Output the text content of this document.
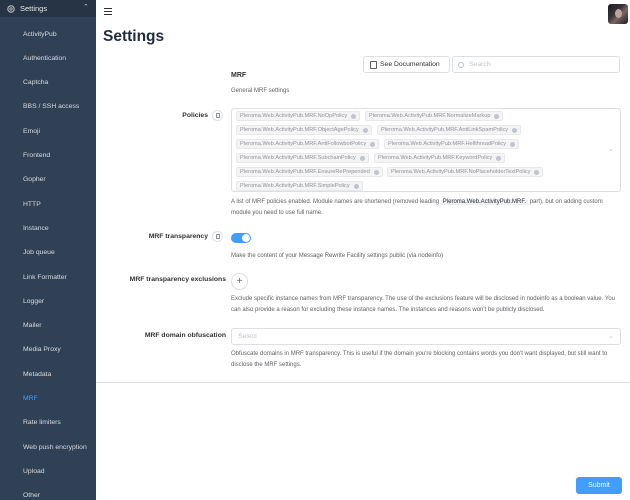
Settings	⌃
ActivityPub
Authentication
Captcha
BBS / SSH access
Emoji
Frontend
Gopher
HTTP
Instance
Job queue
Link Formatter
Logger
Mailer
Media Proxy
Metadata
MRF
Rate limiters
Web push encryption
Upload
Other
Settings
See Documentation	Search
MRF
General MRF settings
Policies	Pleroma.Web.ActivityPub.MRF.NoOpPolicy	Pleroma.Web.ActivityPub.MRF.NormalizeMarkup
Pleroma.Web.ActivityPub.MRF.ObjectAgePolicy	Pleroma.Web.ActivityPub.MRF.AntiLinkSpamPolicy
Pleroma.Web.ActivityPub.MRF.AntiFollowbotPolicy	Pleroma.Web.ActivityPub.MRF.HellthreadPolicy
Pleroma.Web.ActivityPub.MRF.SubchainPolicy	Pleroma.Web.ActivityPub.MRF.KeywordPolicy
Pleroma.Web.ActivityPub.MRF.EnsureRePrepended	Pleroma.Web.ActivityPub.MRF.NoPlaceholderTextPolicy
Pleroma.Web.ActivityPub.MRF.SimplePolicy
⌄
A list of MRF policies enabled. Module names are shortened (removed leading Pleroma.Web.ActivityPub.MRF. part), but on adding custom module you need to use full name.
MRF transparency
Make the content of your Message Rewrite Facility settings public (via nodeinfo)
MRF transparency exclusions +
Exclude specific instance names from MRF transparency. The use of the exclusions feature will be disclosed in nodeinfo as a boolean value. You can also provide a reason for excluding these instance names. The instances and reasons won't be publicly disclosed.
MRF domain obfuscation Select	⌄
Obfuscate domains in MRF transparency. This is useful if the domain you're blocking contains words you don't want displayed, but still want to disclose the MRF settings.
Submit
